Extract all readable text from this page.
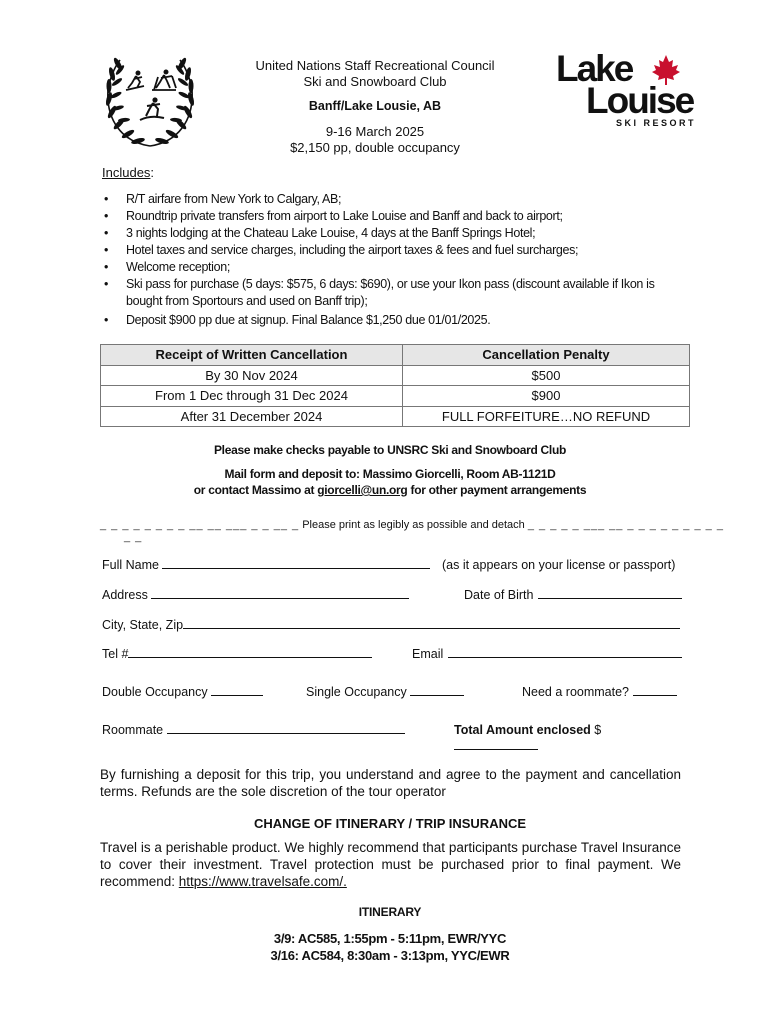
United Nations Staff Recreational Council
Ski and Snowboard Club
Banff/Lake Lousie, AB
9-16 March 2025
$2,150 pp, double occupancy
Lake
Louise
SKI RESORT
Includes:
• R/T airfare from New York to Calgary, AB;
• Roundtrip private transfers from airport to Lake Louise and Banff and back to airport;
• 3 nights lodging at the Chateau Lake Louise, 4 days at the Banff Springs Hotel;
• Hotel taxes and service charges, including the airport taxes & fees and fuel surcharges;
• Welcome reception;
• Ski pass for purchase (5 days: $575, 6 days: $690), or use your Ikon pass (discount available if Ikon is bought from Sportours and used on Banff trip);
• Deposit $900 pp due at signup. Final Balance $1,250 due 01/01/2025.
Receipt of Written Cancellation	Cancellation Penalty
By 30 Nov 2024	$500
From 1 Dec through 31 Dec 2024	$900
After 31 December 2024	FULL FORFEITURE…NO REFUND
Please make checks payable to UNSRC Ski and Snowboard Club
Mail form and deposit to: Massimo Giorcelli, Room AB-1121D
or contact Massimo at giorcelli@un.org for other payment arrangements
_ _ _ _ _ _ _ _ __ __ ___ _ _ __ _ Please print as legibly as possible and detach _ _ _ _ _ ___ __ _ _ _ _ _ _ _ _ _
_ _
Full Name	(as it appears on your license or passport)
Address	Date of Birth
City, State, Zip
Tel #	Email
Double Occupancy	Single Occupancy	Need a roommate?
Roommate	Total Amount enclosed $
By furnishing a deposit for this trip, you understand and agree to the payment and cancellation terms. Refunds are the sole discretion of the tour operator
CHANGE OF ITINERARY / TRIP INSURANCE
Travel is a perishable product. We highly recommend that participants purchase Travel Insurance to cover their investment. Travel protection must be purchased prior to final payment. We recommend: https://www.travelsafe.com/.
ITINERARY
3/9: AC585, 1:55pm - 5:11pm, EWR/YYC
3/16: AC584, 8:30am - 3:13pm, YYC/EWR
